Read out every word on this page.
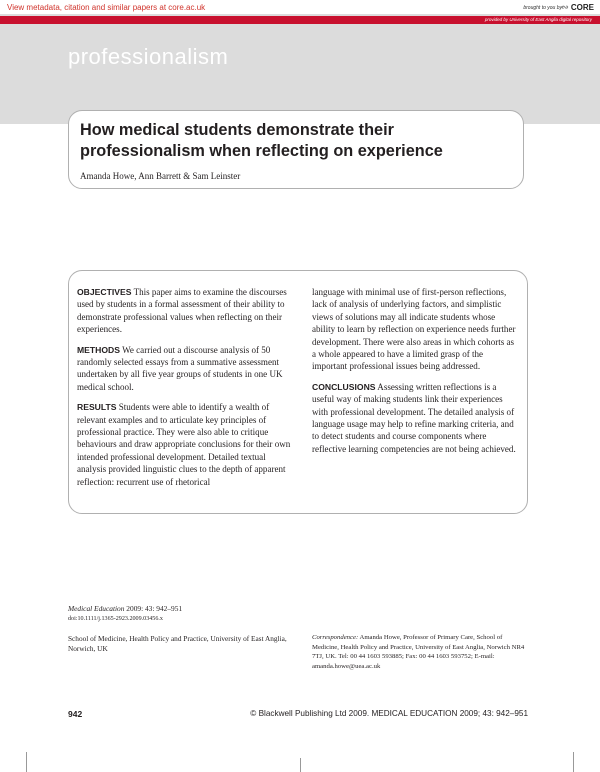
View metadata, citation and similar papers at core.ac.uk	brought to you by ∾ CORE
provided by University of East Anglia digital repository
professionalism
How medical students demonstrate their professionalism when reflecting on experience
Amanda Howe, Ann Barrett & Sam Leinster

OBJECTIVES This paper aims to examine the discourses used by students in a formal assessment of their ability to demonstrate professional values when reflecting on their experiences.

METHODS We carried out a discourse analysis of 50 randomly selected essays from a summative assessment undertaken by all five year groups of students in one UK medical school.

RESULTS Students were able to identify a wealth of relevant examples and to articulate key principles of professional practice. They were also able to critique behaviours and draw appropriate conclusions for their own intended professional development. Detailed textual analysis provided linguistic clues to the depth of apparent reflection: recurrent use of rhetorical

language with minimal use of first-person reflections, lack of analysis of underlying factors, and simplistic views of solutions may all indicate students whose ability to learn by reflection on experience needs further development. There were also areas in which cohorts as a whole appeared to have a limited grasp of the important professional issues being addressed.

CONCLUSIONS Assessing written reflections is a useful way of making students link their experiences with professional development. The detailed analysis of language usage may help to refine marking criteria, and to detect students and course components where reflective learning competencies are not being achieved.

Medical Education 2009: 43: 942–951
doi:10.1111/j.1365-2923.2009.03456.x
School of Medicine, Health Policy and Practice, University of East Anglia, Norwich, UK
Correspondence: Amanda Howe, Professor of Primary Care, School of Medicine, Health Policy and Practice, University of East Anglia, Norwich NR4 7TJ, UK. Tel: 00 44 1603 593885; Fax: 00 44 1603 593752; E-mail: amanda.howe@uea.ac.uk
942	© Blackwell Publishing Ltd 2009. MEDICAL EDUCATION 2009; 43: 942–951
